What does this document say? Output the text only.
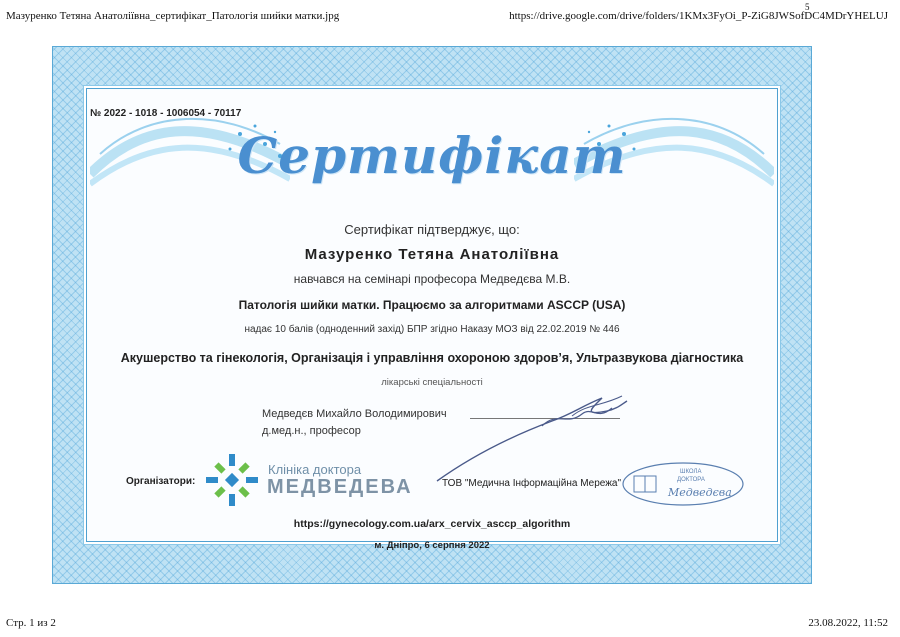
Мазуренко Тетяна Анатоліївна_сертифікат_Патологія шийки матки.jpg
5
https://drive.google.com/drive/folders/1KMx3FyOi_P-ZiG8JWSofDC4MDrYHELUJ
№ 2022 - 1018 - 1006054 - 70117
Сертифікат
Сертифікат підтверджує, що:
Мазуренко Тетяна Анатоліївна
навчався на семінарі професора Медведєва М.В.
Патологія шийки матки. Працюємо за алгоритмами ASCCP (USA)
надає 10 балів (одноденний захід) БПР згідно Наказу МОЗ від 22.02.2019 № 446
Акушерство та гінекологія, Організація і управління охороною здоров’я, Ультразвукова діагностика
лікарські спеціальності
Медведєв Михайло Володимирович
д.мед.н., професор
Організатори:
Клініка доктора
МЕДВЕДЕВА	ТОВ "Медична Інформаційна Мережа"
ШКОЛА
ДОКТОРА
Медведєва
https://gynecology.com.ua/arx_cervix_ascсp_algorithm
м. Дніпро, 6 серпня 2022
Стр. 1 из 2	23.08.2022, 11:52
